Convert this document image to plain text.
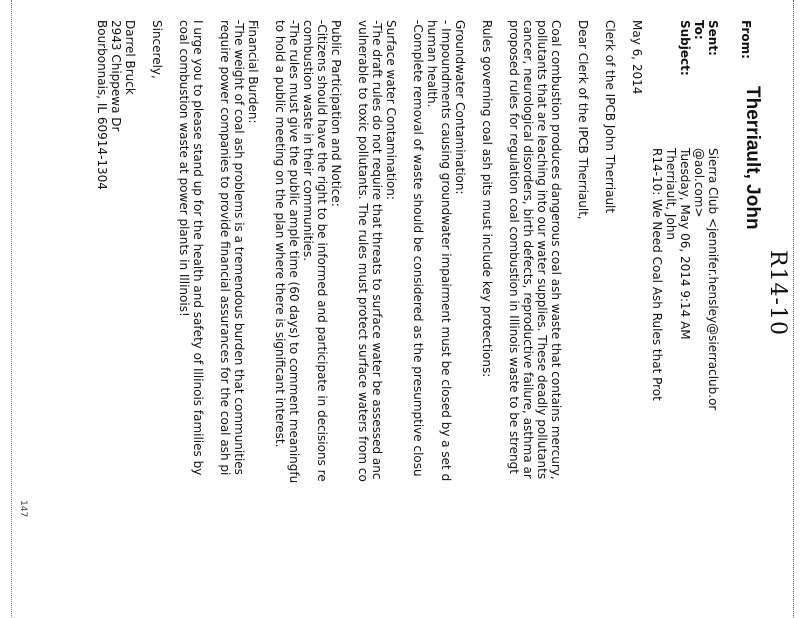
R14-10
Therriault, John
From:
Sierra Club <jennifer.hensley@sierraclub.or
@aol.com>
Sent:
Tuesday, May 06, 2014 9:14 AM
To:
Therriault, John
Subject:
R14-10: We Need Coal Ash Rules that Prot
May 6, 2014
Clerk of the IPCB John Therriault
Dear Clerk of the IPCB Therriault,
Coal combustion produces dangerous coal ash waste that contains mercury,
pollutants that are leaching into our water supplies. These deadly pollutants
cancer, neurological disorders, birth defects, reproductive failure, asthma ar
proposed rules for regulation coal combustion in Illinois waste to be strengt
Rules governing coal ash pits must include key protections:
Groundwater Contamination:
- Impoundments causing groundwater impairment must be closed by a set d
human health.
-Complete removal of waste should be considered as the presumptive closu
Surface water Contamination:
-The draft rules do not require that threats to surface water be assessed anc
vulnerable to toxic pollutants. The rules must protect surface waters from co
Public Participation and Notice:
-Citizens should have the right to be informed and participate in decisions re
combustion waste in their communities.
-The rules must give the public ample time (60 days) to comment meaningfu
to hold a public meeting on the plan where there is significant interest.
Financial Burden:
-The weight of coal ash problems is a tremendous burden that communities
require power companies to provide financial assurances for the coal ash pi
I urge you to please stand up for the health and safety of Illinois families by
coal combustion waste at power plants in Illinois!
Sincerely,
Darrel Bruck
2943 Chippewa Dr
Bourbonnais, IL 60914-1304
147
